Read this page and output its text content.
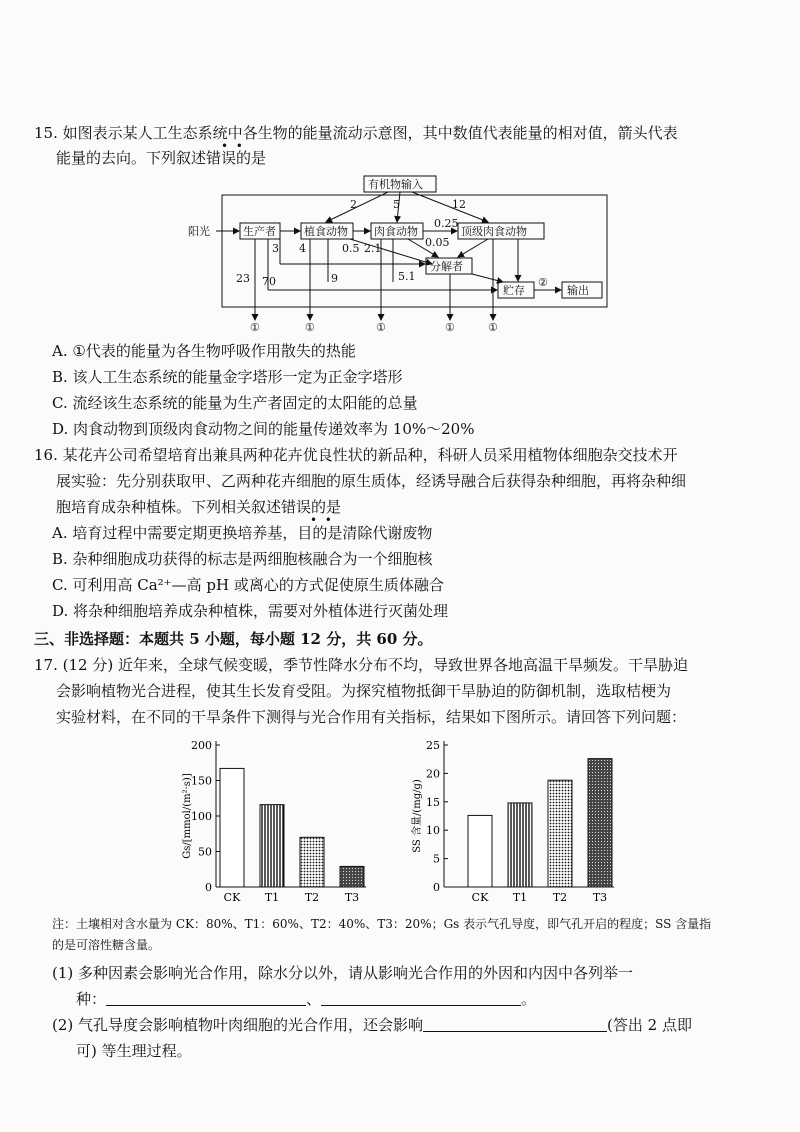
15. 如图表示某人工生态系统中各生物的能量流动示意图，其中数值代表能量的相对值，箭头代表
能量的去向。下列叙述错误的是
•  •
有机物输入
阳光	生产者	植食动物 肉食动物	顶级肉食动物
分解者
贮存	输出
②
①	①	①	①	①
2	5	12
0.25
0.05
3 4	0.5 2.1
9	5.1
23 70
A. ①代表的能量为各生物呼吸作用散失的热能
B. 该人工生态系统的能量金字塔形一定为正金字塔形
C. 流经该生态系统的能量为生产者固定的太阳能的总量
D. 肉食动物到顶级肉食动物之间的能量传递效率为 10%～20%
16. 某花卉公司希望培育出兼具两种花卉优良性状的新品种，科研人员采用植物体细胞杂交技术开
展实验：先分别获取甲、乙两种花卉细胞的原生质体，经诱导融合后获得杂种细胞，再将杂种细
胞培育成杂种植株。下列相关叙述错误的是
•  •
A. 培育过程中需要定期更换培养基，目的是清除代谢废物
B. 杂种细胞成功获得的标志是两细胞核融合为一个细胞核
C. 可利用高 Ca²⁺—高 pH 或离心的方式促使原生质体融合
D. 将杂种细胞培养成杂种植株，需要对外植体进行灭菌处理
三、非选择题：本题共 5 小题，每小题 12 分，共 60 分。
17. (12 分) 近年来，全球气候变暖，季节性降水分布不均，导致世界各地高温干旱频发。干旱胁迫
会影响植物光合进程，使其生长发育受阻。为探究植物抵御干旱胁迫的防御机制，选取桔梗为
实验材料，在不同的干旱条件下测得与光合作用有关指标，结果如下图所示。请回答下列问题：
0
50
100
150
200
Gs/[mmol/(m²·s)]
CK T1 T2 T3
0
5
10
15
20
25
SS 含量/(mg/g)
CK T1 T2 T3
注：土壤相对含水量为 CK：80%、T1：60%、T2：40%、T3：20%；Gs 表示气孔导度，即气孔开启的程度；SS 含量指
的是可溶性糖含量。
(1) 多种因素会影响光合作用，除水分以外，请从影响光合作用的外因和内因中各列举一
种：	、	。
(2) 气孔导度会影响植物叶肉细胞的光合作用，还会影响	(答出 2 点即
可) 等生理过程。
